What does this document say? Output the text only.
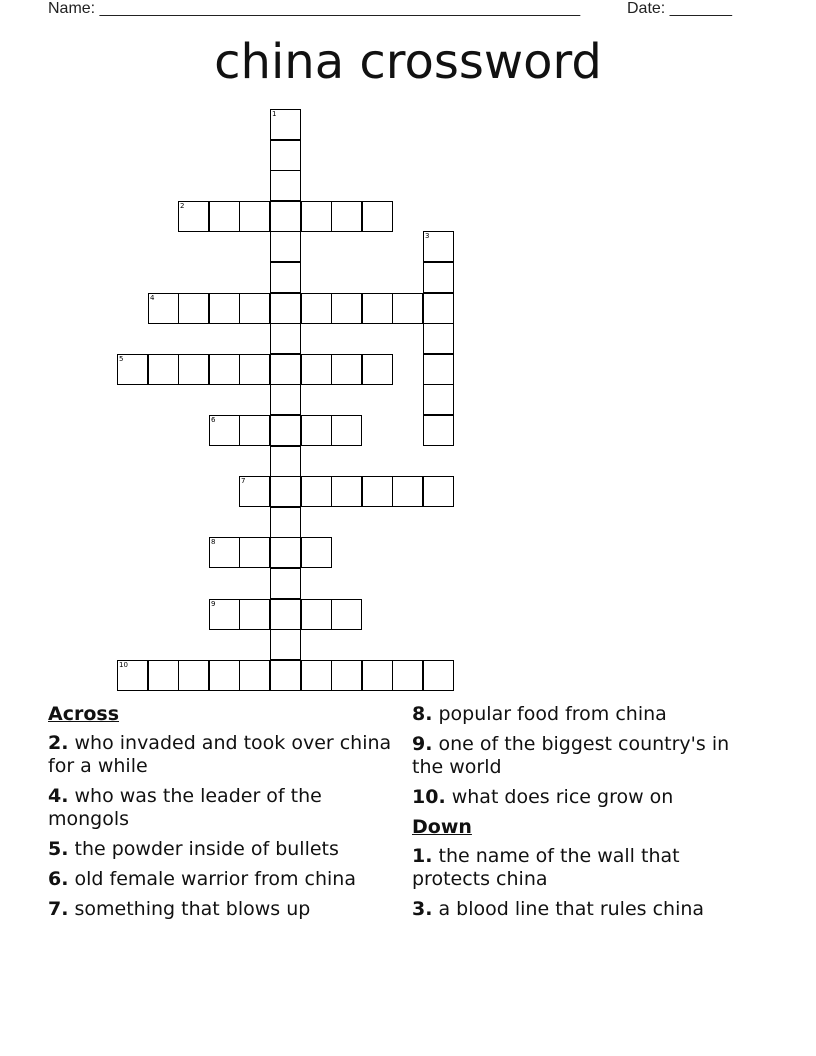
Name: ______________________________________________________	Date: _______
china crossword
2
4
5
6
7
8
9
10
1
3
Across
2. who invaded and took over china for a while
4. who was the leader of the mongols
5. the powder inside of bullets
6. old female warrior from china
7. something that blows up
8. popular food from china
9. one of the biggest country's in the world
10. what does rice grow on
Down
1. the name of the wall that protects china
3. a blood line that rules china
